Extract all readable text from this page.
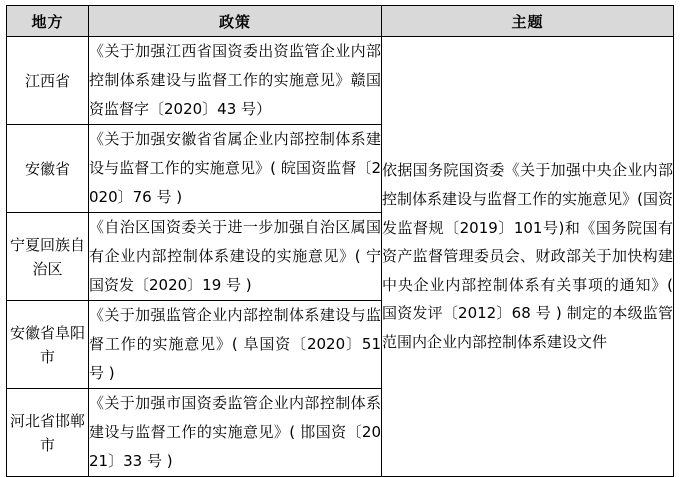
地方	政策	主题
江西省	《关于加强江西省国资委出资监管企业内部控制体系建设与监督工作的实施意见》赣国资监督字〔2020〕43 号）	依据国务院国资委《关于加强中央企业内部控制体系建设与监督工作的实施意见》(国资发监督规〔2019〕101号)和《国务院国有资产监督管理委员会、财政部关于加快构建中央企业内部控制体系有关事项的通知》( 国资发评〔2012〕68 号 ) 制定的本级监管范围内企业内部控制体系建设文件
安徽省	《关于加强安徽省省属企业内部控制体系建设与监督工作的实施意见》( 皖国资监督〔2020〕76 号 )	
宁夏回族自治区	《自治区国资委关于进一步加强自治区属国有企业内部控制体系建设的实施意见》( 宁国资发〔2020〕19 号 )	
安徽省阜阳市	《关于加强监管企业内部控制体系建设与监督工作的实施意见》( 阜国资〔2020〕51 号 )	
河北省邯郸市	《关于加强市国资委监管企业内部控制体系建设与监督工作的实施意见》( 邯国资〔2021〕33 号 )	
